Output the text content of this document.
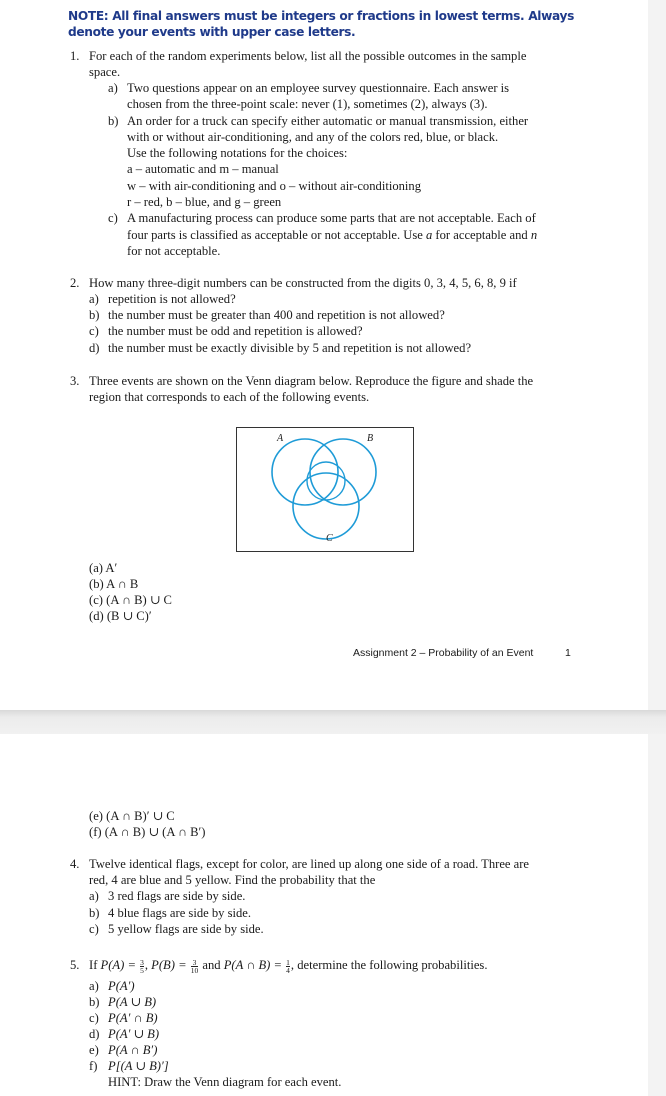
NOTE: All final answers must be integers or fractions in lowest terms. Always denote your events with upper case letters.
1. For each of the random experiments below, list all the possible outcomes in the sample
space.
a) Two questions appear on an employee survey questionnaire. Each answer is
chosen from the three-point scale: never (1), sometimes (2), always (3).
b) An order for a truck can specify either automatic or manual transmission, either
with or without air-conditioning, and any of the colors red, blue, or black.
Use the following notations for the choices:
a – automatic and m – manual
w – with air-conditioning and o – without air-conditioning
r – red, b – blue, and g – green
c) A manufacturing process can produce some parts that are not acceptable. Each of
four parts is classified as acceptable or not acceptable. Use a for acceptable and n
for not acceptable.
2. How many three-digit numbers can be constructed from the digits 0, 3, 4, 5, 6, 8, 9 if
a) repetition is not allowed?
b) the number must be greater than 400 and repetition is not allowed?
c) the number must be odd and repetition is allowed?
d) the number must be exactly divisible by 5 and repetition is not allowed?
3. Three events are shown on the Venn diagram below. Reproduce the figure and shade the
region that corresponds to each of the following events.
A	B
C
(a) A′
(b) A ∩ B
(c) (A ∩ B) ∪ C
(d) (B ∪ C)′
Assignment 2 – Probability of an Event	1
(e) (A ∩ B)′ ∪ C
(f) (A ∩ B) ∪ (A ∩ B′)
4. Twelve identical flags, except for color, are lined up along one side of a road. Three are
red, 4 are blue and 5 yellow. Find the probability that the
a) 3 red flags are side by side.
b) 4 blue flags are side by side.
c) 5 yellow flags are side by side.
5. If $P(A) = \frac{3}{5}$ , $P(B) = \frac{3}{10}$ and P(A ∩ $B) = \frac{1}{4}$ , determine the following probabilities.
a) P(A′)
b) P(A ∪ B)
c) P(A′ ∩ B)
d) P(A′ ∪ B)
e) P(A ∩ B′)
f) P[(A ∪ B)′]
HINT: Draw the Venn diagram for each event.
